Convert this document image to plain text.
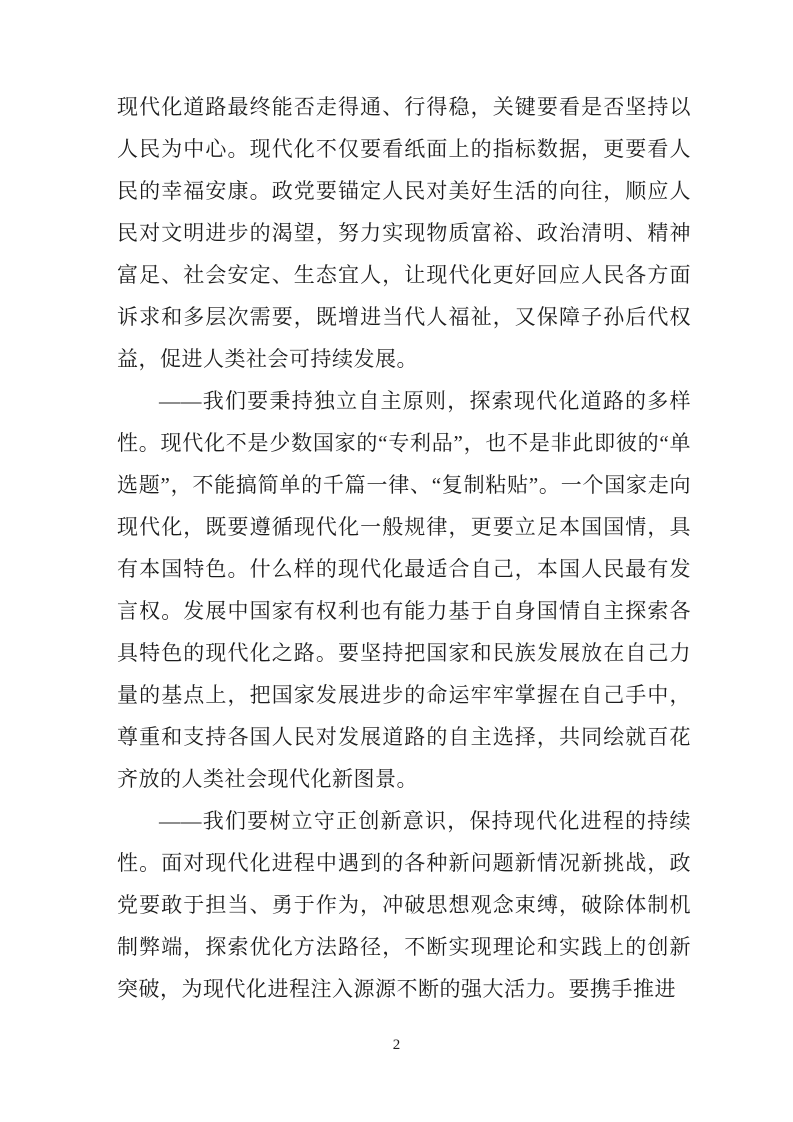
现代化道路最终能否走得通、行得稳，关键要看是否坚持以人民为中心。现代化不仅要看纸面上的指标数据，更要看人民的幸福安康。政党要锚定人民对美好生活的向往，顺应人民对文明进步的渴望，努力实现物质富裕、政治清明、精神富足、社会安定、生态宜人，让现代化更好回应人民各方面诉求和多层次需要，既增进当代人福祉，又保障子孙后代权益，促进人类社会可持续发展。

——我们要秉持独立自主原则，探索现代化道路的多样性。现代化不是少数国家的“专利品”，也不是非此即彼的“单选题”，不能搞简单的千篇一律、“复制粘贴”。一个国家走向现代化，既要遵循现代化一般规律，更要立足本国国情，具有本国特色。什么样的现代化最适合自己，本国人民最有发言权。发展中国家有权利也有能力基于自身国情自主探索各具特色的现代化之路。要坚持把国家和民族发展放在自己力量的基点上，把国家发展进步的命运牢牢掌握在自己手中，尊重和支持各国人民对发展道路的自主选择，共同绘就百花齐放的人类社会现代化新图景。

——我们要树立守正创新意识，保持现代化进程的持续性。面对现代化进程中遇到的各种新问题新情况新挑战，政党要敢于担当、勇于作为，冲破思想观念束缚，破除体制机制弊端，探索优化方法路径，不断实现理论和实践上的创新突破，为现代化进程注入源源不断的强大活力。要携手推进

2
